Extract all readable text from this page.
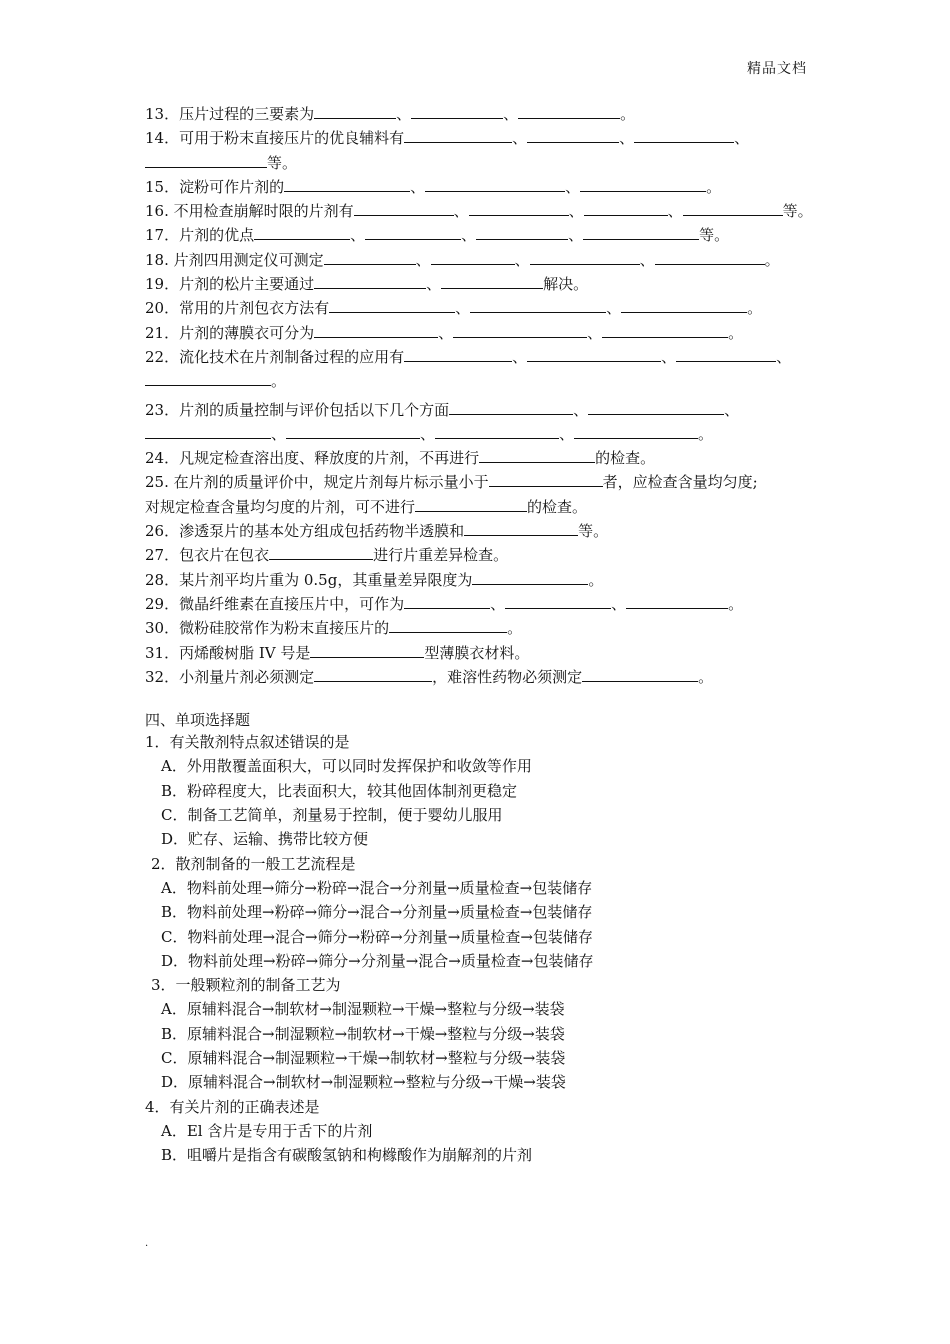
精品文档
13．压片过程的三要素为	、	、	。
14．可用于粉末直接压片的优良辅料有	、	、	、
等。
15．淀粉可作片剂的	、	、	。
16. 不用检查崩解时限的片剂有	、	、	、	等。
17．片剂的优点	、	、	、	等。
18. 片剂四用测定仪可测定	、	、	、	。
19．片剂的松片主要通过	、	解决。
20．常用的片剂包衣方法有	、	、	。
21．片剂的薄膜衣可分为	、	、	。
22．流化技术在片剂制备过程的应用有	、	、	、
。
23．片剂的质量控制与评价包括以下几个方面	、	、
、	、	、	。
24．凡规定检查溶出度、释放度的片剂，不再进行	的检查。
25. 在片剂的质量评价中，规定片剂每片标示量小于	者，应检查含量均匀度;
对规定检查含量均匀度的片剂，可不进行	的检查。
26．渗透泵片的基本处方组成包括药物半透膜和	等。
27．包衣片在包衣	进行片重差异检查。
28．某片剂平均片重为 0.5g，其重量差异限度为	。
29．微晶纤维素在直接压片中，可作为	、	、	。
30．微粉硅胶常作为粉末直接压片的	。
31．丙烯酸树脂 IV 号是	型薄膜衣材料。
32．小剂量片剂必须测定	，难溶性药物必须测定	。
四、单项选择题
1．有关散剂特点叙述错误的是
A．外用散覆盖面积大，可以同时发挥保护和收敛等作用
B．粉碎程度大，比表面积大，较其他固体制剂更稳定
C．制备工艺简单，剂量易于控制，便于婴幼儿服用
D．贮存、运输、携带比较方便
2．散剂制备的一般工艺流程是
A．物料前处理→筛分→粉碎→混合→分剂量→质量检查→包装储存
B．物料前处理→粉碎→筛分→混合→分剂量→质量检查→包装储存
C．物料前处理→混合→筛分→粉碎→分剂量→质量检查→包装储存
D．物料前处理→粉碎→筛分→分剂量→混合→质量检查→包装储存
3．一般颗粒剂的制备工艺为
A．原辅料混合→制软材→制湿颗粒→干燥→整粒与分级→装袋
B．原辅料混合→制湿颗粒→制软材→干燥→整粒与分级→装袋
C．原辅料混合→制湿颗粒→干燥→制软材→整粒与分级→装袋
D．原辅料混合→制软材→制湿颗粒→整粒与分级→干燥→装袋
4．有关片剂的正确表述是
A．El 含片是专用于舌下的片剂
B．咀嚼片是指含有碳酸氢钠和枸橼酸作为崩解剂的片剂
.
